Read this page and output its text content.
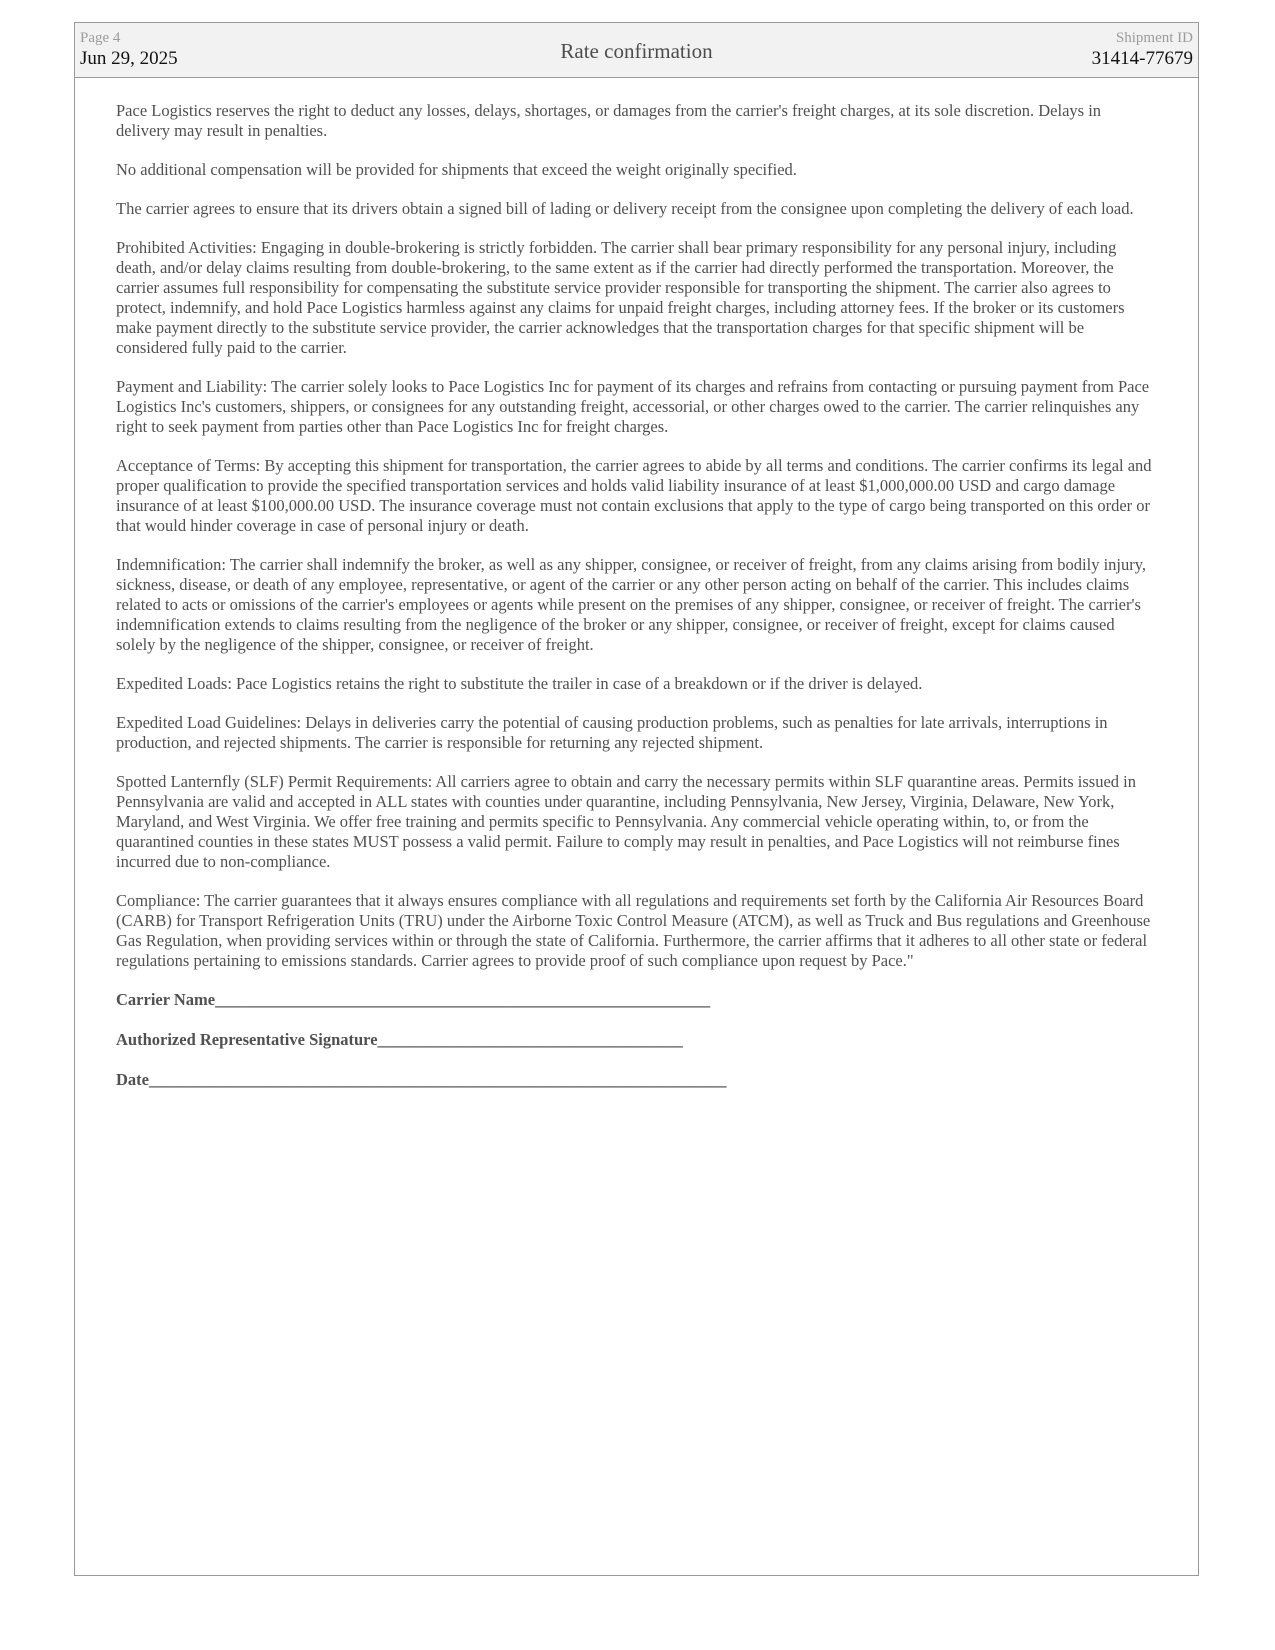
Page 4
Jun 29, 2025	Rate confirmation
Shipment ID
31414-77679

Pace Logistics reserves the right to deduct any losses, delays, shortages, or damages from the carrier's freight charges, at its sole discretion. Delays in delivery may result in penalties.

No additional compensation will be provided for shipments that exceed the weight originally specified.

The carrier agrees to ensure that its drivers obtain a signed bill of lading or delivery receipt from the consignee upon completing the delivery of each load.

Prohibited Activities: Engaging in double-brokering is strictly forbidden. The carrier shall bear primary responsibility for any personal injury, including death, and/or delay claims resulting from double-brokering, to the same extent as if the carrier had directly performed the transportation. Moreover, the carrier assumes full responsibility for compensating the substitute service provider responsible for transporting the shipment. The carrier also agrees to protect, indemnify, and hold Pace Logistics harmless against any claims for unpaid freight charges, including attorney fees. If the broker or its customers make payment directly to the substitute service provider, the carrier acknowledges that the transportation charges for that specific shipment will be considered fully paid to the carrier.

Payment and Liability: The carrier solely looks to Pace Logistics Inc for payment of its charges and refrains from contacting or pursuing payment from Pace Logistics Inc's customers, shippers, or consignees for any outstanding freight, accessorial, or other charges owed to the carrier. The carrier relinquishes any right to seek payment from parties other than Pace Logistics Inc for freight charges.

Acceptance of Terms: By accepting this shipment for transportation, the carrier agrees to abide by all terms and conditions. The carrier confirms its legal and proper qualification to provide the specified transportation services and holds valid liability insurance of at least $1,000,000.00 USD and cargo damage insurance of at least $100,000.00 USD. The insurance coverage must not contain exclusions that apply to the type of cargo being transported on this order or that would hinder coverage in case of personal injury or death.

Indemnification: The carrier shall indemnify the broker, as well as any shipper, consignee, or receiver of freight, from any claims arising from bodily injury, sickness, disease, or death of any employee, representative, or agent of the carrier or any other person acting on behalf of the carrier. This includes claims related to acts or omissions of the carrier's employees or agents while present on the premises of any shipper, consignee, or receiver of freight. The carrier's indemnification extends to claims resulting from the negligence of the broker or any shipper, consignee, or receiver of freight, except for claims caused solely by the negligence of the shipper, consignee, or receiver of freight.

Expedited Loads: Pace Logistics retains the right to substitute the trailer in case of a breakdown or if the driver is delayed.

Expedited Load Guidelines: Delays in deliveries carry the potential of causing production problems, such as penalties for late arrivals, interruptions in production, and rejected shipments. The carrier is responsible for returning any rejected shipment.

Spotted Lanternfly (SLF) Permit Requirements: All carriers agree to obtain and carry the necessary permits within SLF quarantine areas. Permits issued in Pennsylvania are valid and accepted in ALL states with counties under quarantine, including Pennsylvania, New Jersey, Virginia, Delaware, New York, Maryland, and West Virginia. We offer free training and permits specific to Pennsylvania. Any commercial vehicle operating within, to, or from the quarantined counties in these states MUST possess a valid permit. Failure to comply may result in penalties, and Pace Logistics will not reimburse fines incurred due to non-compliance.

Compliance: The carrier guarantees that it always ensures compliance with all regulations and requirements set forth by the California Air Resources Board (CARB) for Transport Refrigeration Units (TRU) under the Airborne Toxic Control Measure (ATCM), as well as Truck and Bus regulations and Greenhouse Gas Regulation, when providing services within or through the state of California. Furthermore, the carrier affirms that it adheres to all other state or federal regulations pertaining to emissions standards. Carrier agrees to provide proof of such compliance upon request by Pace."

Carrier Name____________________________________________________________
Authorized Representative Signature_____________________________________
Date______________________________________________________________________
